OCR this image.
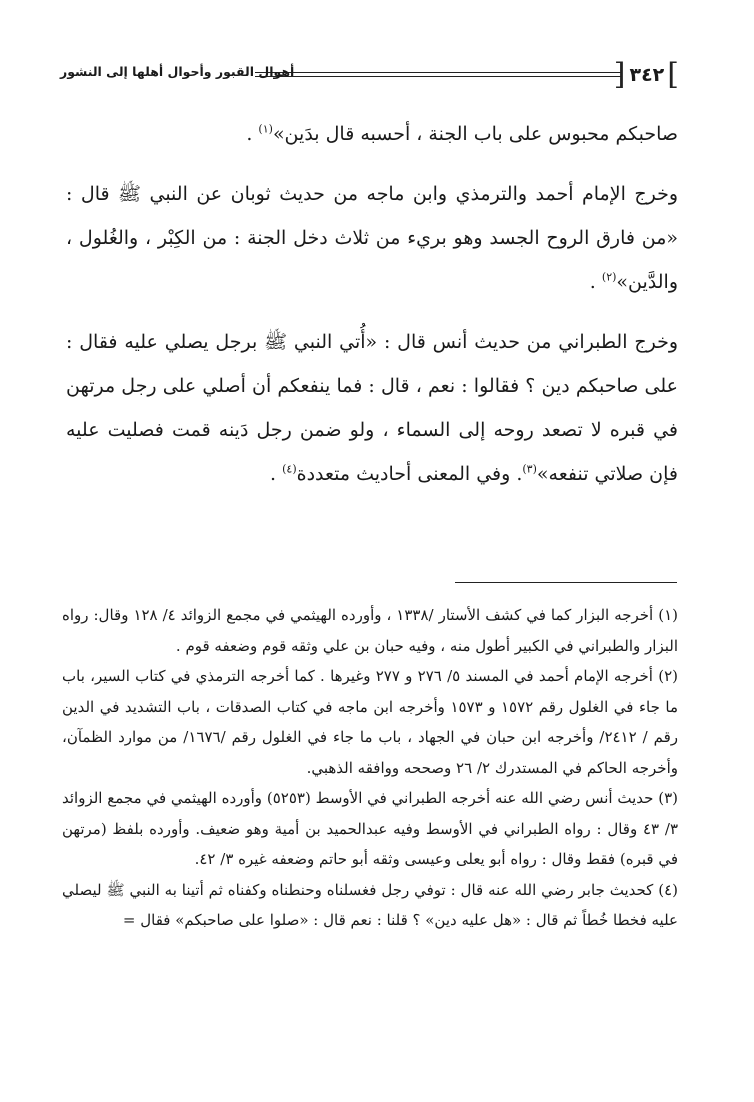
]
٣٤٢
[
أهوال القبور وأحوال أهلها إلى النشور

صاحبكم محبوس على باب الجنة ، أحسبه قال بدَين»$^{(١)}$ .

وخرج الإمام أحمد والترمذي وابن ماجه من حديث ثوبان عن النبي ﷺ قال : «من فارق الروح الجسد وهو بريء من ثلاث دخل الجنة : من الكِبْر ، والغُلول ، والدَّين»$^{(٢)}$ .

وخرج الطبراني من حديث أنس قال : «أُتي النبي ﷺ برجل يصلي عليه فقال : على صاحبكم دين ؟ فقالوا : نعم ، قال : فما ينفعكم أن أصلي على رجل مرتهن في قبره لا تصعد روحه إلى السماء ، ولو ضمن رجل دَينه قمت فصليت عليه فإن صلاتي تنفعه»$^{(٣)}$. وفي المعنى أحاديث متعددة$^{(٤)}$ .

(١) أخرجه البزار كما في كشف الأستار /١٣٣٨ ، وأورده الهيثمي في مجمع الزوائد ٤/ ١٢٨ وقال: رواه البزار والطبراني في الكبير أطول منه ، وفيه حبان بن علي وثقه قوم وضعفه قوم .

(٢) أخرجه الإمام أحمد في المسند ٥/ ٢٧٦ و ٢٧٧ وغيرها . كما أخرجه الترمذي في كتاب السير، باب ما جاء في الغلول رقم ١٥٧٢ و ١٥٧٣ وأخرجه ابن ماجه في كتاب الصدقات ، باب التشديد في الدين رقم / ٢٤١٢/ وأخرجه ابن حبان في الجهاد ، باب ما جاء في الغلول رقم /١٦٧٦/ من موارد الظمآن، وأخرجه الحاكم في المستدرك ٢/ ٢٦ وصححه ووافقه الذهبي.

(٣) حديث أنس رضي الله عنه أخرجه الطبراني في الأوسط (٥٢٥٣) وأورده الهيثمي في مجمع الزوائد ٣/ ٤٣ وقال : رواه الطبراني في الأوسط وفيه عبدالحميد بن أمية وهو ضعيف. وأورده بلفظ (مرتهن في قبره) فقط وقال : رواه أبو يعلى وعيسى وثقه أبو حاتم وضعفه غيره ٣/ ٤٢.

(٤) كحديث جابر رضي الله عنه قال : توفي رجل فغسلناه وحنطناه وكفناه ثم أتينا به النبي ﷺ ليصلي عليه فخطا خُطاً ثم قال : «هل عليه دين» ؟ قلنا : نعم قال : «صلوا على صاحبكم» فقال =
